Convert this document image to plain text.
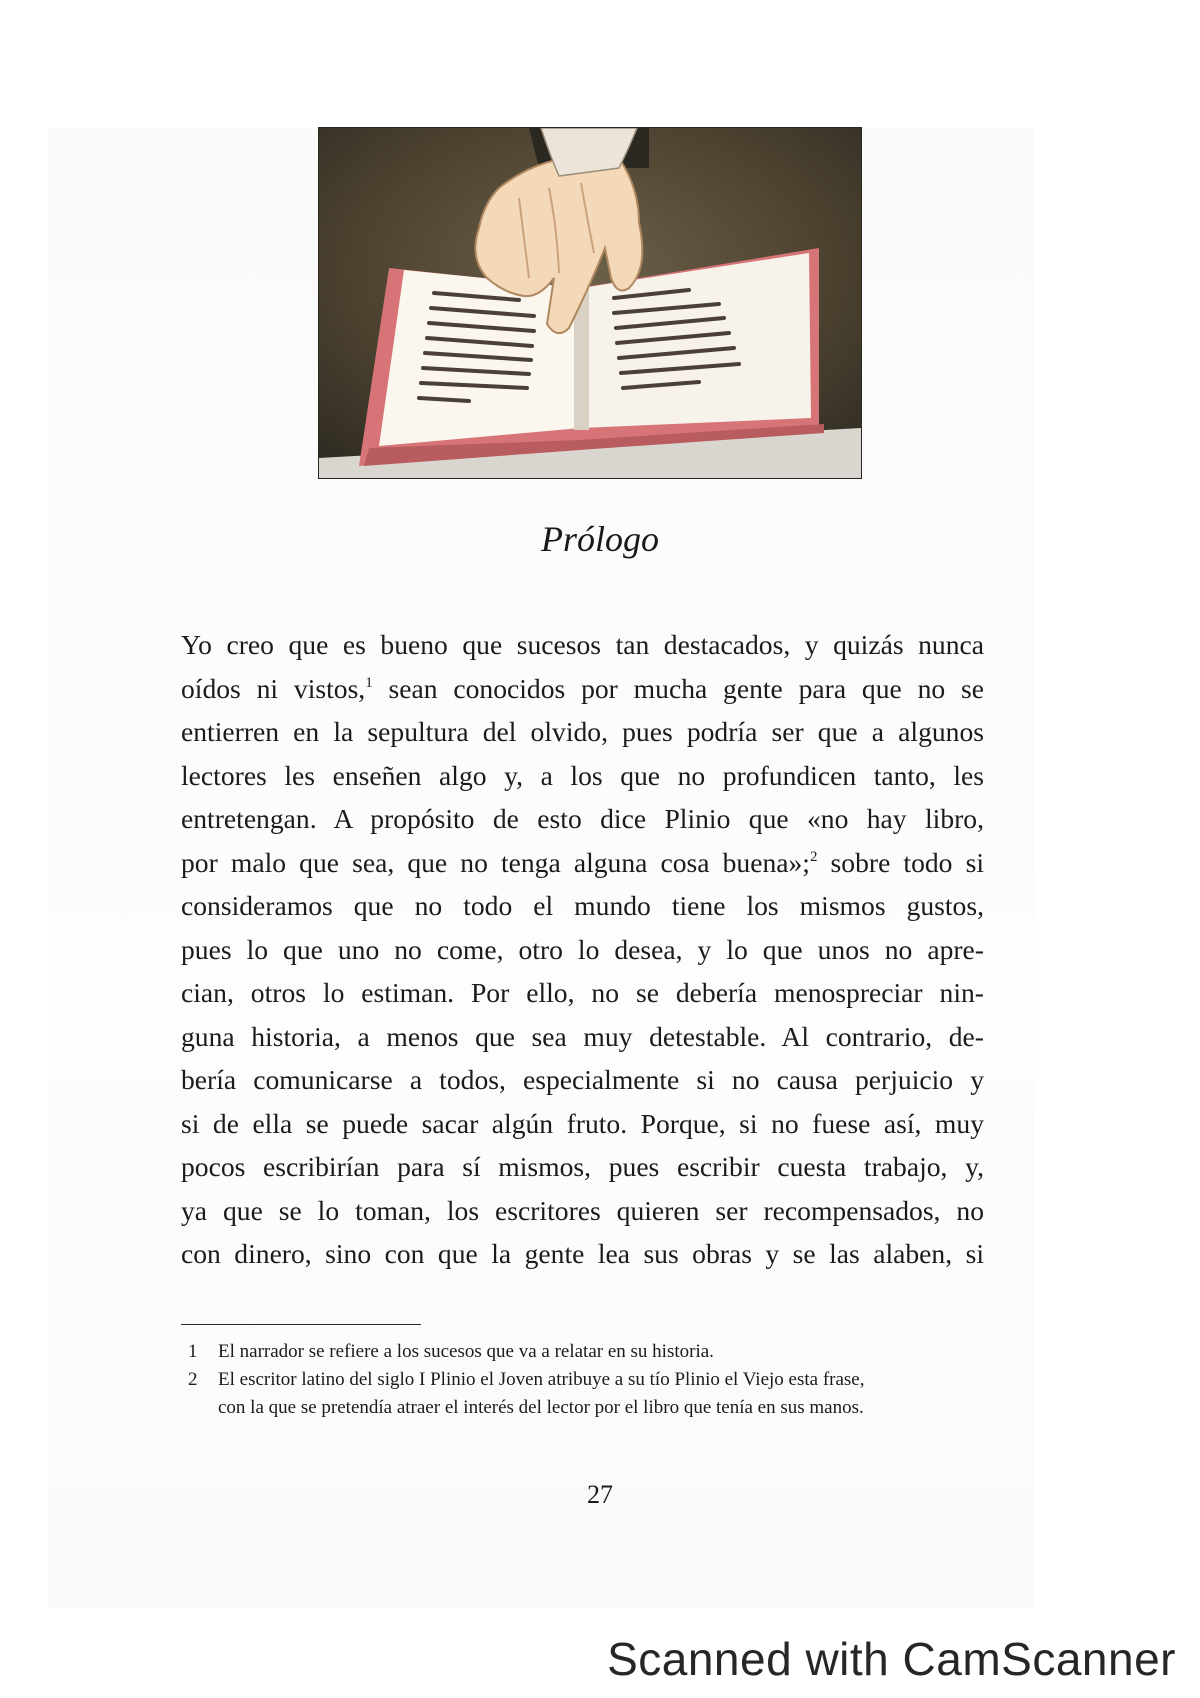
Prólogo
Yo creo que es bueno que sucesos tan destacados, y quizás nunca
oídos ni vistos,$^1$ sean conocidos por mucha gente para que no se
entierren en la sepultura del olvido, pues podría ser que a algunos
lectores les enseñen algo y, a los que no profundicen tanto, les
entretengan. A propósito de esto dice Plinio que «no hay libro,
por malo que sea, que no tenga alguna cosa buena»;$^2$ sobre todo si
consideramos que no todo el mundo tiene los mismos gustos,
pues lo que uno no come, otro lo desea, y lo que unos no apre-
cian, otros lo estiman. Por ello, no se debería menospreciar nin-
guna historia, a menos que sea muy detestable. Al contrario, de-
bería comunicarse a todos, especialmente si no causa perjuicio y
si de ella se puede sacar algún fruto. Porque, si no fuese así, muy
pocos escribirían para sí mismos, pues escribir cuesta trabajo, y,
ya que se lo toman, los escritores quieren ser recompensados, no
con dinero, sino con que la gente lea sus obras y se las alaben, si
1	El narrador se refiere a los sucesos que va a relatar en su historia.
2	El escritor latino del siglo I Plinio el Joven atribuye a su tío Plinio el Viejo esta frase,
con la que se pretendía atraer el interés del lector por el libro que tenía en sus manos.
27
Scanned with CamScanner
